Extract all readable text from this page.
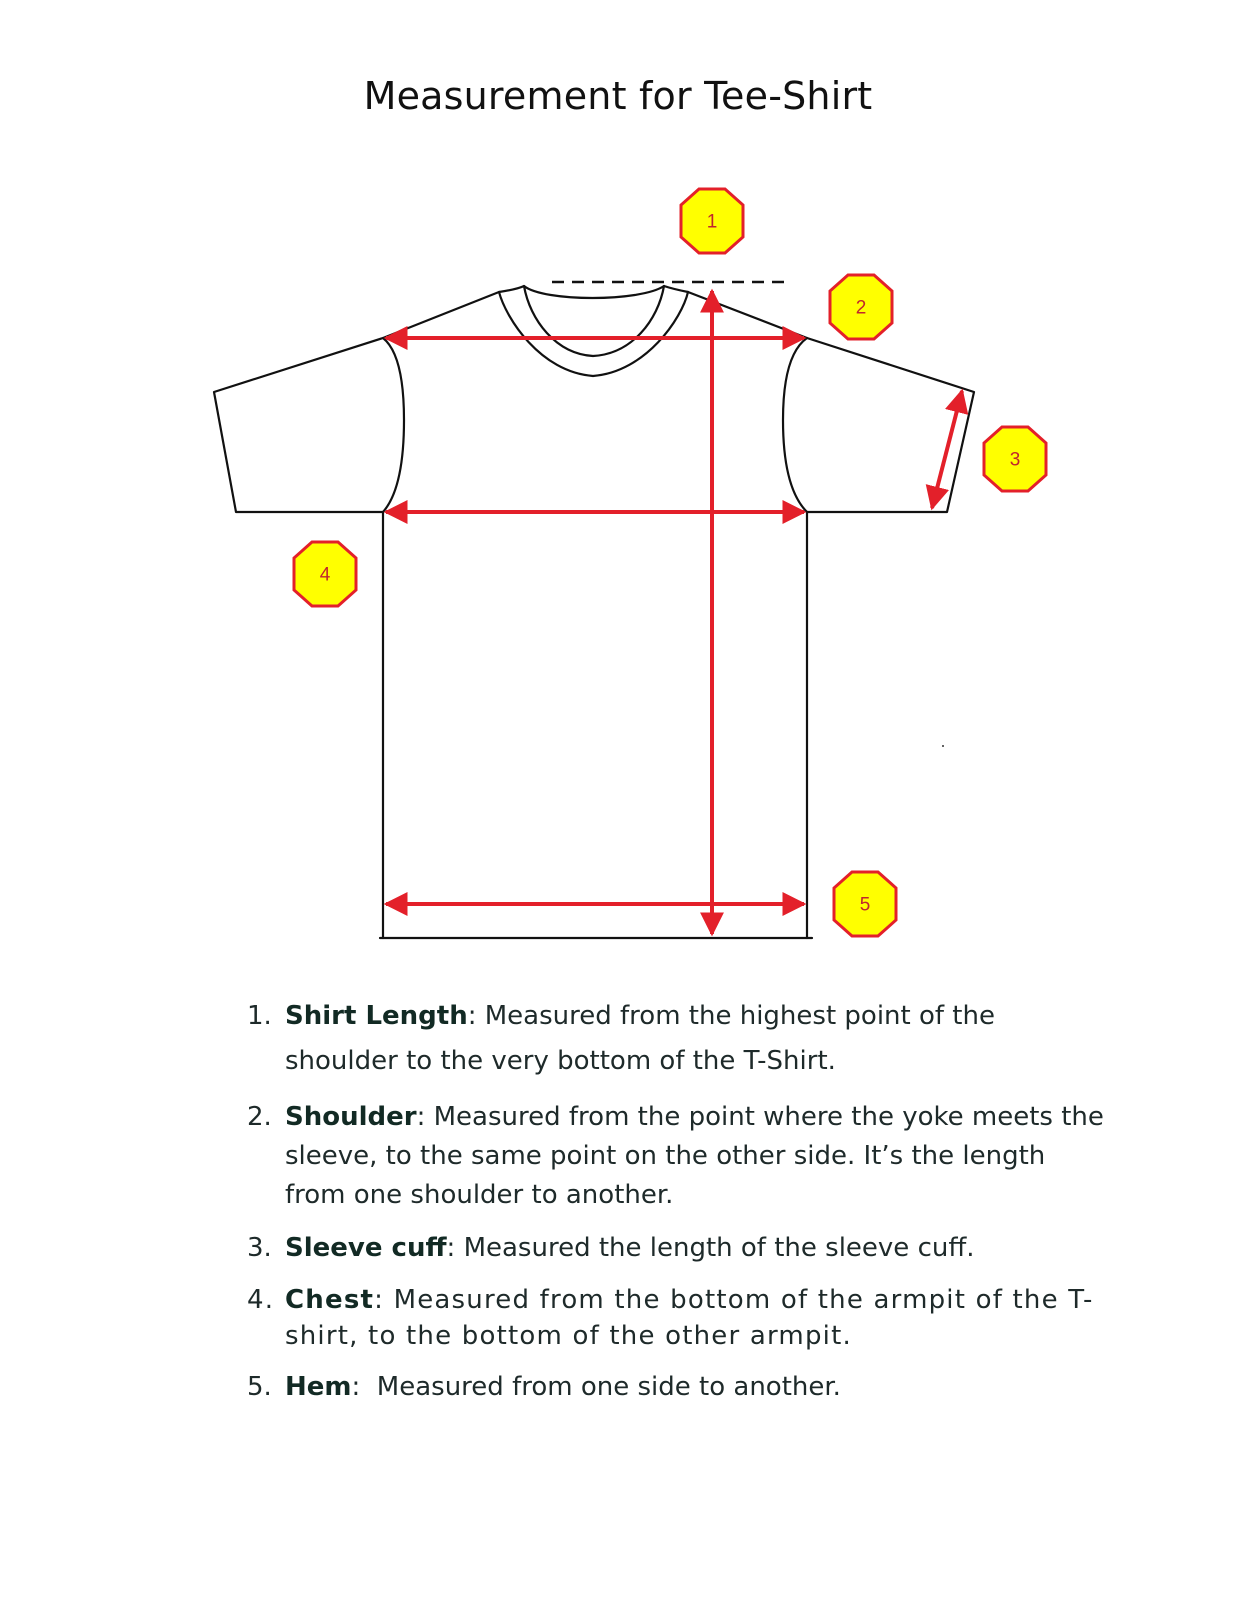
Measurement for Tee-Shirt
1
2
3
4
5
1. Shirt Length: Measured from the highest point of the shoulder to the very bottom of the T-Shirt.
2. Shoulder: Measured from the point where the yoke meets the sleeve, to the same point on the other side. It’s the length from one shoulder to another.
3. Sleeve cuff: Measured the length of the sleeve cuff.
4. Chest: Measured from the bottom of the armpit of the T-shirt, to the bottom of the other armpit.
5. Hem:  Measured from one side to another.
